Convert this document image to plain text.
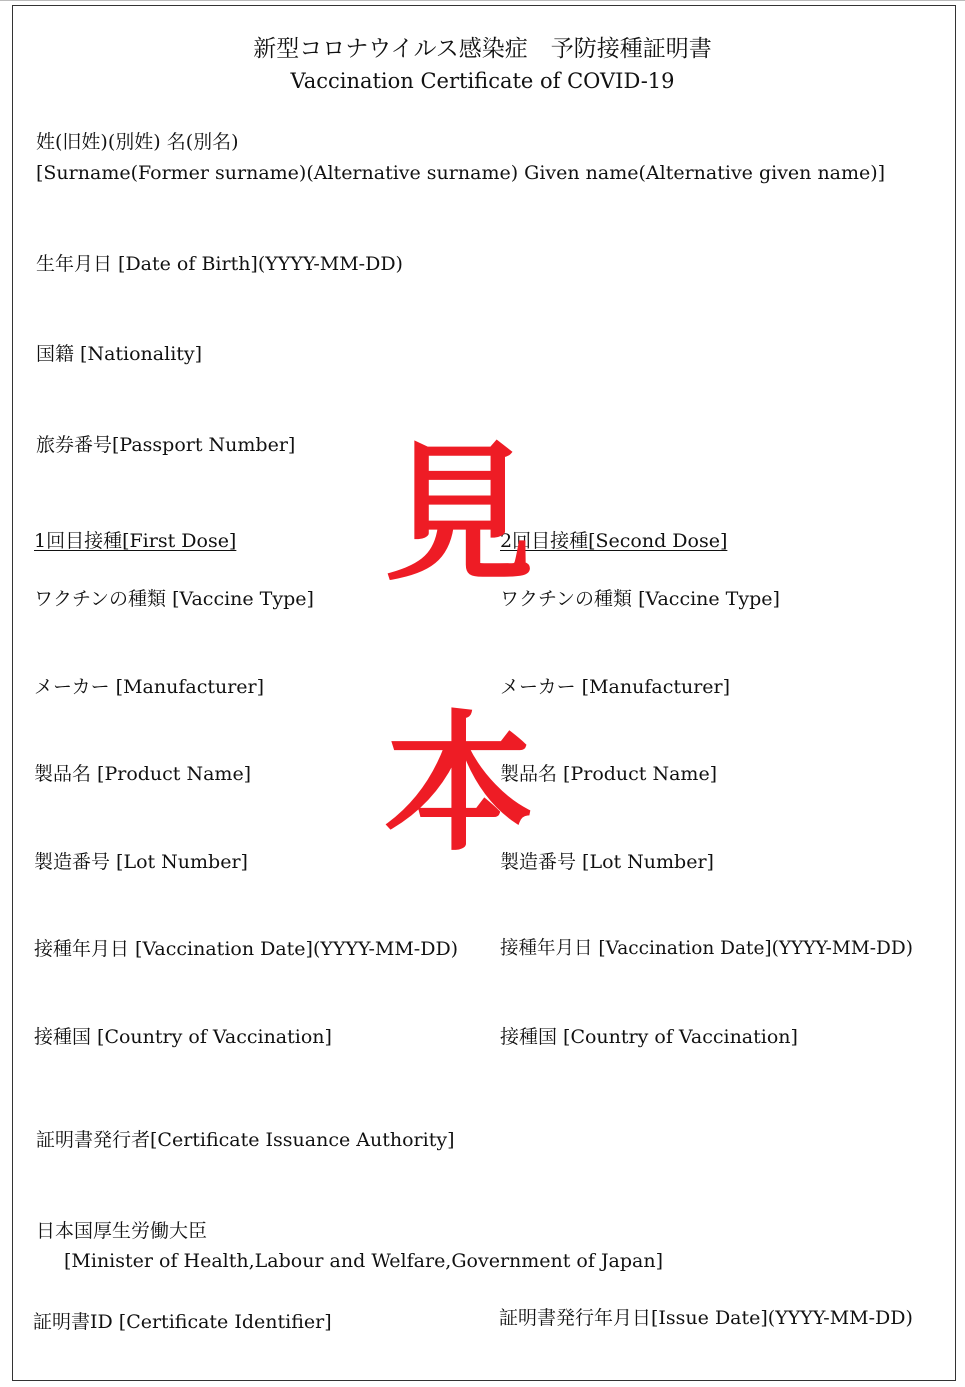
新型コロナウイルス感染症　予防接種証明書
Vaccination Certificate of COVID-19
姓(旧姓)(別姓) 名(別名)
[Surname(Former surname)(Alternative surname) Given name(Alternative given name)]
生年月日 [Date of Birth](YYYY-MM-DD)
国籍 [Nationality]
旅券番号[Passport Number]
1回目接種[First Dose]
ワクチンの種類 [Vaccine Type]
メーカー [Manufacturer]
製品名 [Product Name]
製造番号 [Lot Number]
接種年月日 [Vaccination Date](YYYY-MM-DD)
接種国 [Country of Vaccination]
2回目接種[Second Dose]
ワクチンの種類 [Vaccine Type]
メーカー [Manufacturer]
製品名 [Product Name]
製造番号 [Lot Number]
接種年月日 [Vaccination Date](YYYY-MM-DD)
接種国 [Country of Vaccination]
証明書発行者[Certificate Issuance Authority]
日本国厚生労働大臣
[Minister of Health,Labour and Welfare,Government of Japan]
証明書ID [Certificate Identifier]	証明書発行年月日[Issue Date](YYYY-MM-DD)
見
本
